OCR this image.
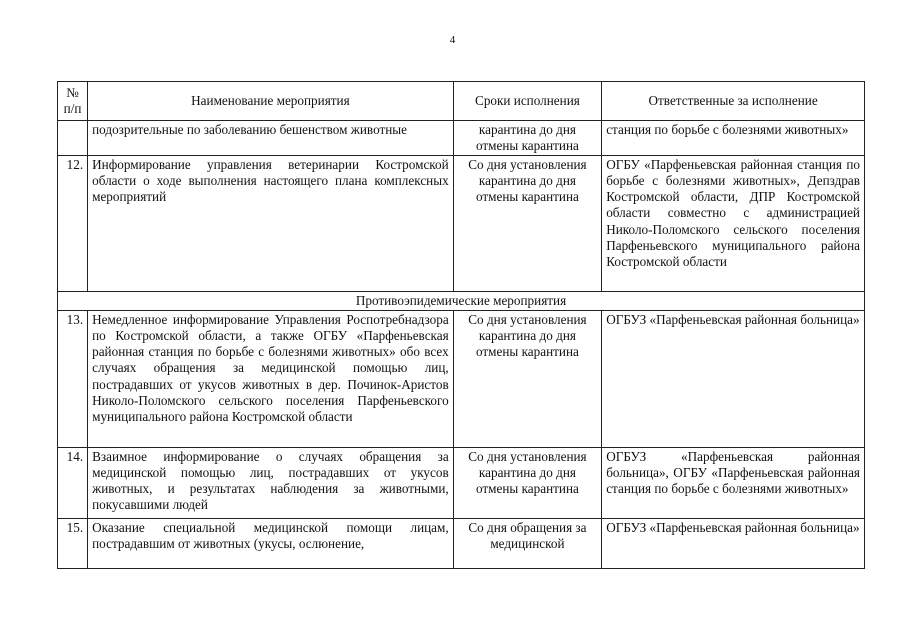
4
№ п/п	Наименование мероприятия	Сроки исполнения	Ответственные за исполнение
	подозрительные по заболеванию бешенством животные	карантина до дня отмены карантина	станция по борьбе с болезнями животных»
12.	Информирование управления ветеринарии Костромской области о ходе выполнения настоящего плана комплексных мероприятий	Со дня установления карантина до дня отмены карантина	ОГБУ «Парфеньевская районная станция по борьбе с болезнями животных», Депздрав Костромской области, ДПР Костромской области совместно с администрацией Николо-Поломского сельского поселения Парфеньевского муниципального района Костромской области
Противоэпидемические мероприятия			
13.	Немедленное информирование Управления Роспотребнадзора по Костромской области, а также ОГБУ «Парфеньевская районная станция по борьбе с болезнями животных» обо всех случаях обращения за медицинской помощью лиц, пострадавших от укусов животных в дер. Починок-Аристов Николо-Поломского сельского поселения Парфеньевского муниципального района Костромской области	Со дня установления карантина до дня отмены карантина	ОГБУЗ «Парфеньевская районная больница»
14.	Взаимное информирование о случаях обращения за медицинской помощью лиц, пострадавших от укусов животных, и результатах наблюдения за животными, покусавшими людей	Со дня установления карантина до дня отмены карантина	ОГБУЗ «Парфеньевская районная больница», ОГБУ «Парфеньевская районная станция по борьбе с болезнями животных»
15.	Оказание специальной медицинской помощи лицам, пострадавшим от животных (укусы, ослюнение,	Со дня обращения за медицинской	ОГБУЗ «Парфеньевская районная больница»
